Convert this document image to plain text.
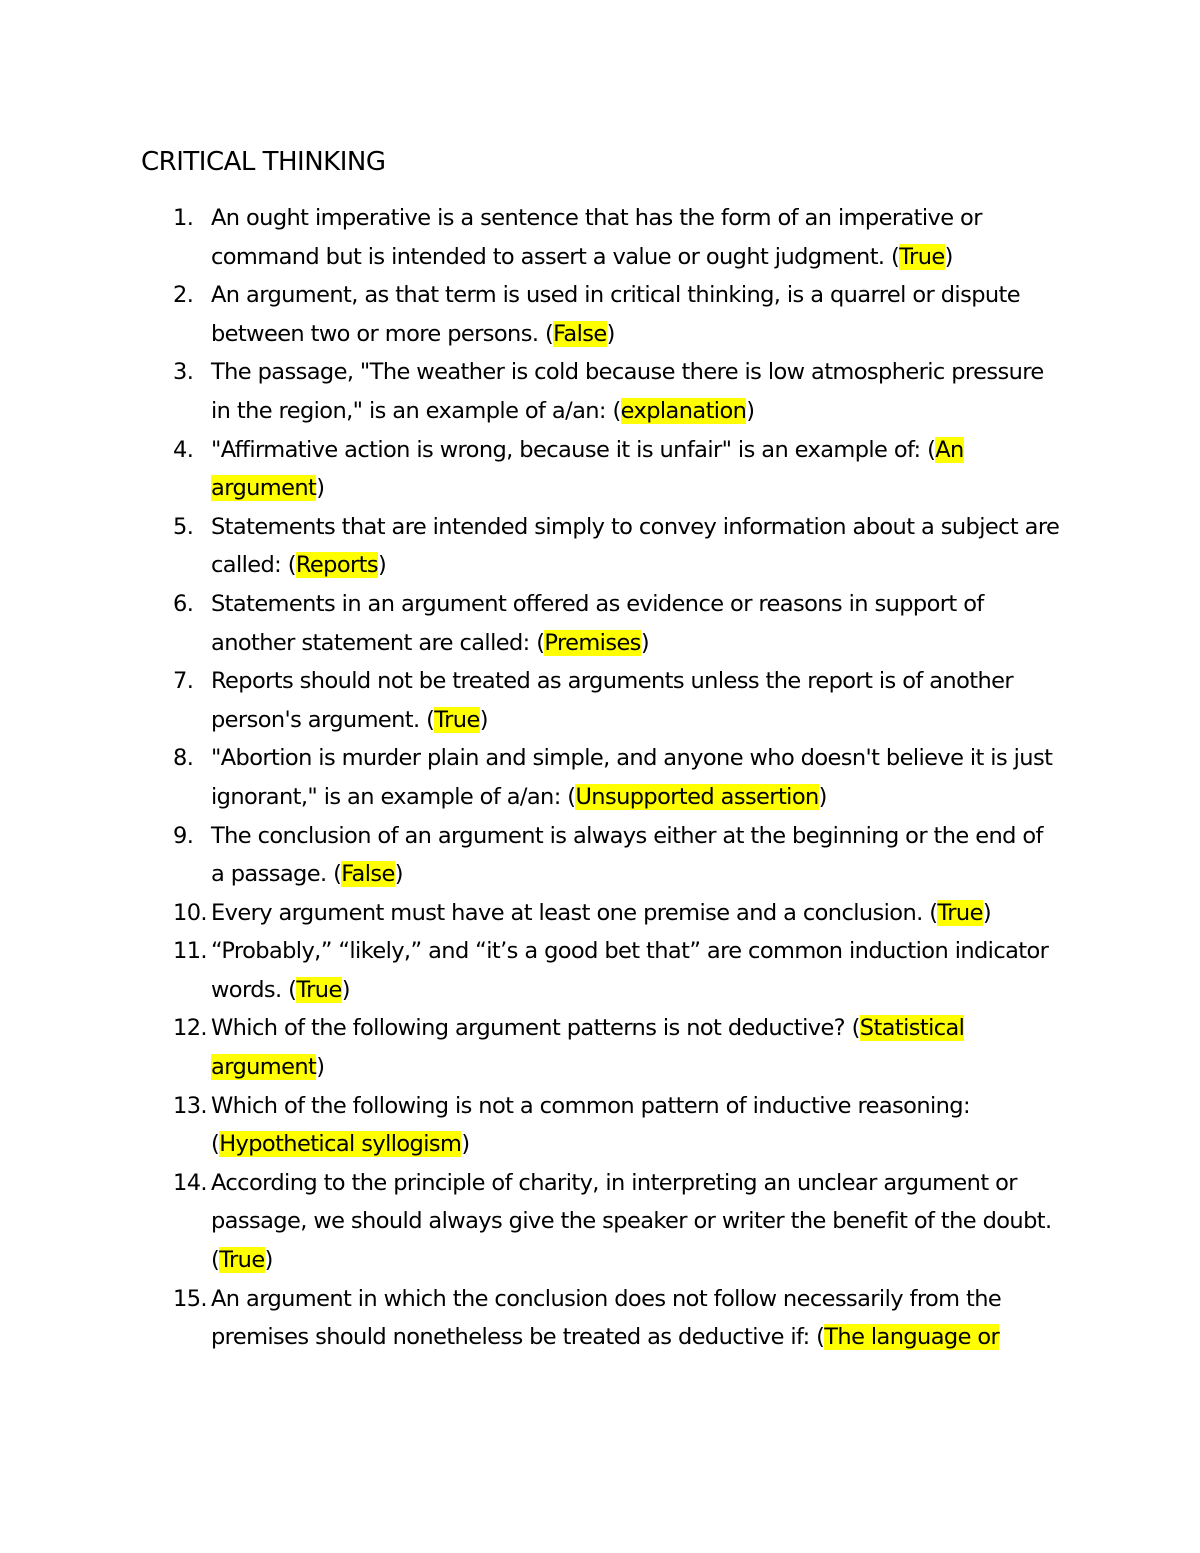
CRITICAL THINKING
1. An ought imperative is a sentence that has the form of an imperative or command but is intended to assert a value or ought judgment. (True)
2. An argument, as that term is used in critical thinking, is a quarrel or dispute between two or more persons. (False)
3. The passage, "The weather is cold because there is low atmospheric pressure in the region," is an example of a/an: (explanation)
4. "Affirmative action is wrong, because it is unfair" is an example of: (An argument)
5. Statements that are intended simply to convey information about a subject are called: (Reports)
6. Statements in an argument offered as evidence or reasons in support of another statement are called: (Premises)
7. Reports should not be treated as arguments unless the report is of another person's argument. (True)
8. "Abortion is murder plain and simple, and anyone who doesn't believe it is just ignorant," is an example of a/an: (Unsupported assertion)
9. The conclusion of an argument is always either at the beginning or the end of a passage. (False)
10. Every argument must have at least one premise and a conclusion. (True)
11. “Probably,” “likely,” and “it’s a good bet that” are common induction indicator words. (True)
12. Which of the following argument patterns is not deductive? (Statistical argument)
13. Which of the following is not a common pattern of inductive reasoning: (Hypothetical syllogism)
14. According to the principle of charity, in interpreting an unclear argument or passage, we should always give the speaker or writer the benefit of the doubt. (True)
15. An argument in which the conclusion does not follow necessarily from the premises should nonetheless be treated as deductive if: (The language or
